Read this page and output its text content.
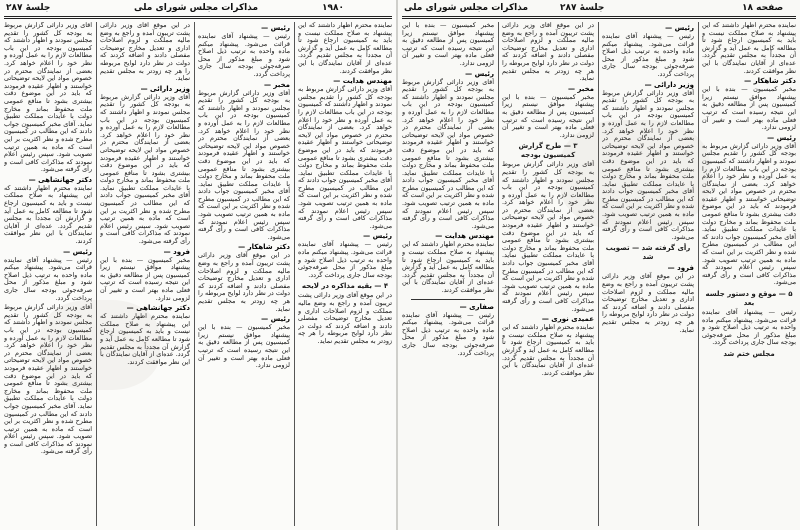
جلسهٔ ۲۸۷	مذاکرات مجلس شورای ملی	۱۹۸۰

آقای وزیر دارائی گزارش مربوط به بودجه کل کشور را تقدیم مجلس نمودند و اظهار داشتند که کمیسیون بودجه در این باب مطالعات لازم را به عمل آورده و نظر خود را اعلام خواهد کرد. بعضی از نمایندگان محترم در خصوص مواد این لایحه توضیحاتی خواستند و اظهار عقیده فرمودند که باید در این موضوع دقت بیشتری بشود تا منافع عمومی ملت محفوظ بماند و مخارج دولت با عایدات مملکت تطبیق نماید. آقای مخبر کمیسیون جواب دادند که این مطالب در کمیسیون مطرح شده و نظر اکثریت بر این است که ماده به همین ترتیب تصویب شود. سپس رئیس اعلام نمودند که مذاکرات کافی است و رأی گرفته می‌شود.

دکتر جهانشاهی —

نماینده محترم اظهار داشتند که این پیشنهاد به صلاح مملکت نیست و باید به کمیسیون ارجاع شود تا مطالعه کامل به عمل آید و گزارش آن مجدداً به مجلس تقدیم گردد. عده‌ای از آقایان نمایندگان با این نظر موافقت کردند.

رئیس —

رئیس — پیشنهاد آقای نماینده قرائت می‌شود. پیشنهاد میکنم ماده واحده به ترتیب ذیل اصلاح شود و مبلغ مذکور از محل صرفه‌جوئی بودجه سال جاری پرداخت گردد.

آقای وزیر دارائی گزارش مربوط به بودجه کل کشور را تقدیم مجلس نمودند و اظهار داشتند که کمیسیون بودجه در این باب مطالعات لازم را به عمل آورده و نظر خود را اعلام خواهد کرد. بعضی از نمایندگان محترم در خصوص مواد این لایحه توضیحاتی خواستند و اظهار عقیده فرمودند که باید در این موضوع دقت بیشتری بشود تا منافع عمومی ملت محفوظ بماند و مخارج دولت با عایدات مملکت تطبیق نماید. آقای مخبر کمیسیون جواب دادند که این مطالب در کمیسیون مطرح شده و نظر اکثریت بر این است که ماده به همین ترتیب تصویب شود. سپس رئیس اعلام نمودند که مذاکرات کافی است و رأی گرفته می‌شود.

در این موقع آقای وزیر دارائی پشت تریبون آمده و راجع به وضع مالیه مملکت و لزوم اصلاحات اداری و تعدیل مخارج توضیحات مفصلی دادند و اضافه کردند که دولت در نظر دارد لوایح مربوطه را هر چه زودتر به مجلس تقدیم نماید.

وزیر دارائی —

آقای وزیر دارائی گزارش مربوط به بودجه کل کشور را تقدیم مجلس نمودند و اظهار داشتند که کمیسیون بودجه در این باب مطالعات لازم را به عمل آورده و نظر خود را اعلام خواهد کرد. بعضی از نمایندگان محترم در خصوص مواد این لایحه توضیحاتی خواستند و اظهار عقیده فرمودند که باید در این موضوع دقت بیشتری بشود تا منافع عمومی ملت محفوظ بماند و مخارج دولت با عایدات مملکت تطبیق نماید. آقای مخبر کمیسیون جواب دادند که این مطالب در کمیسیون مطرح شده و نظر اکثریت بر این است که ماده به همین ترتیب تصویب شود. سپس رئیس اعلام نمودند که مذاکرات کافی است و رأی گرفته می‌شود.

فرود —

مخبر کمیسیون — بنده با این پیشنهاد موافق نیستم زیرا کمیسیون پس از مطالعه دقیق به این نتیجه رسیده است که ترتیب فعلی ماده بهتر است و تغییر آن لزومی ندارد.

دکتر جهانشاهی —

نماینده محترم اظهار داشتند که این پیشنهاد به صلاح مملکت نیست و باید به کمیسیون ارجاع شود تا مطالعه کامل به عمل آید و گزارش آن مجدداً به مجلس تقدیم گردد. عده‌ای از آقایان نمایندگان با این نظر موافقت کردند.

رئیس —

رئیس — پیشنهاد آقای نماینده قرائت می‌شود. پیشنهاد میکنم ماده واحده به ترتیب ذیل اصلاح شود و مبلغ مذکور از محل صرفه‌جوئی بودجه سال جاری پرداخت گردد.

مخبر —

آقای وزیر دارائی گزارش مربوط به بودجه کل کشور را تقدیم مجلس نمودند و اظهار داشتند که کمیسیون بودجه در این باب مطالعات لازم را به عمل آورده و نظر خود را اعلام خواهد کرد. بعضی از نمایندگان محترم در خصوص مواد این لایحه توضیحاتی خواستند و اظهار عقیده فرمودند که باید در این موضوع دقت بیشتری بشود تا منافع عمومی ملت محفوظ بماند و مخارج دولت با عایدات مملکت تطبیق نماید. آقای مخبر کمیسیون جواب دادند که این مطالب در کمیسیون مطرح شده و نظر اکثریت بر این است که ماده به همین ترتیب تصویب شود. سپس رئیس اعلام نمودند که مذاکرات کافی است و رأی گرفته می‌شود.

دکتر شاهکار —

در این موقع آقای وزیر دارائی پشت تریبون آمده و راجع به وضع مالیه مملکت و لزوم اصلاحات اداری و تعدیل مخارج توضیحات مفصلی دادند و اضافه کردند که دولت در نظر دارد لوایح مربوطه را هر چه زودتر به مجلس تقدیم نماید.

رئیس —

مخبر کمیسیون — بنده با این پیشنهاد موافق نیستم زیرا کمیسیون پس از مطالعه دقیق به این نتیجه رسیده است که ترتیب فعلی ماده بهتر است و تغییر آن لزومی ندارد.

نماینده محترم اظهار داشتند که این پیشنهاد به صلاح مملکت نیست و باید به کمیسیون ارجاع شود تا مطالعه کامل به عمل آید و گزارش آن مجدداً به مجلس تقدیم گردد. عده‌ای از آقایان نمایندگان با این نظر موافقت کردند.

مهندس هدایت —

آقای وزیر دارائی گزارش مربوط به بودجه کل کشور را تقدیم مجلس نمودند و اظهار داشتند که کمیسیون بودجه در این باب مطالعات لازم را به عمل آورده و نظر خود را اعلام خواهد کرد. بعضی از نمایندگان محترم در خصوص مواد این لایحه توضیحاتی خواستند و اظهار عقیده فرمودند که باید در این موضوع دقت بیشتری بشود تا منافع عمومی ملت محفوظ بماند و مخارج دولت با عایدات مملکت تطبیق نماید. آقای مخبر کمیسیون جواب دادند که این مطالب در کمیسیون مطرح شده و نظر اکثریت بر این است که ماده به همین ترتیب تصویب شود. سپس رئیس اعلام نمودند که مذاکرات کافی است و رأی گرفته می‌شود.

رئیس —

رئیس — پیشنهاد آقای نماینده قرائت می‌شود. پیشنهاد میکنم ماده واحده به ترتیب ذیل اصلاح شود و مبلغ مذکور از محل صرفه‌جوئی بودجه سال جاری پرداخت گردد.

۴ — بقیه مذاکره در لایحه

در این موقع آقای وزیر دارائی پشت تریبون آمده و راجع به وضع مالیه مملکت و لزوم اصلاحات اداری و تعدیل مخارج توضیحات مفصلی دادند و اضافه کردند که دولت در نظر دارد لوایح مربوطه را هر چه زودتر به مجلس تقدیم نماید.

مذاکرات مجلس شورای ملی	جلسهٔ ۲۸۷	صفحه ۱۸

مخبر کمیسیون — بنده با این پیشنهاد موافق نیستم زیرا کمیسیون پس از مطالعه دقیق به این نتیجه رسیده است که ترتیب فعلی ماده بهتر است و تغییر آن لزومی ندارد.

رئیس —

آقای وزیر دارائی گزارش مربوط به بودجه کل کشور را تقدیم مجلس نمودند و اظهار داشتند که کمیسیون بودجه در این باب مطالعات لازم را به عمل آورده و نظر خود را اعلام خواهد کرد. بعضی از نمایندگان محترم در خصوص مواد این لایحه توضیحاتی خواستند و اظهار عقیده فرمودند که باید در این موضوع دقت بیشتری بشود تا منافع عمومی ملت محفوظ بماند و مخارج دولت با عایدات مملکت تطبیق نماید. آقای مخبر کمیسیون جواب دادند که این مطالب در کمیسیون مطرح شده و نظر اکثریت بر این است که ماده به همین ترتیب تصویب شود. سپس رئیس اعلام نمودند که مذاکرات کافی است و رأی گرفته می‌شود.

مهندس هدایت —

نماینده محترم اظهار داشتند که این پیشنهاد به صلاح مملکت نیست و باید به کمیسیون ارجاع شود تا مطالعه کامل به عمل آید و گزارش آن مجدداً به مجلس تقدیم گردد. عده‌ای از آقایان نمایندگان با این نظر موافقت کردند.

صفاری —

رئیس — پیشنهاد آقای نماینده قرائت می‌شود. پیشنهاد میکنم ماده واحده به ترتیب ذیل اصلاح شود و مبلغ مذکور از محل صرفه‌جوئی بودجه سال جاری پرداخت گردد.

در این موقع آقای وزیر دارائی پشت تریبون آمده و راجع به وضع مالیه مملکت و لزوم اصلاحات اداری و تعدیل مخارج توضیحات مفصلی دادند و اضافه کردند که دولت در نظر دارد لوایح مربوطه را هر چه زودتر به مجلس تقدیم نماید.

مخبر —

مخبر کمیسیون — بنده با این پیشنهاد موافق نیستم زیرا کمیسیون پس از مطالعه دقیق به این نتیجه رسیده است که ترتیب فعلی ماده بهتر است و تغییر آن لزومی ندارد.

۳ — طرح گزارش کمیسیون بودجه

آقای وزیر دارائی گزارش مربوط به بودجه کل کشور را تقدیم مجلس نمودند و اظهار داشتند که کمیسیون بودجه در این باب مطالعات لازم را به عمل آورده و نظر خود را اعلام خواهد کرد. بعضی از نمایندگان محترم در خصوص مواد این لایحه توضیحاتی خواستند و اظهار عقیده فرمودند که باید در این موضوع دقت بیشتری بشود تا منافع عمومی ملت محفوظ بماند و مخارج دولت با عایدات مملکت تطبیق نماید. آقای مخبر کمیسیون جواب دادند که این مطالب در کمیسیون مطرح شده و نظر اکثریت بر این است که ماده به همین ترتیب تصویب شود. سپس رئیس اعلام نمودند که مذاکرات کافی است و رأی گرفته می‌شود.

عمیدی نوری —

نماینده محترم اظهار داشتند که این پیشنهاد به صلاح مملکت نیست و باید به کمیسیون ارجاع شود تا مطالعه کامل به عمل آید و گزارش آن مجدداً به مجلس تقدیم گردد. عده‌ای از آقایان نمایندگان با این نظر موافقت کردند.

رئیس —

رئیس — پیشنهاد آقای نماینده قرائت می‌شود. پیشنهاد میکنم ماده واحده به ترتیب ذیل اصلاح شود و مبلغ مذکور از محل صرفه‌جوئی بودجه سال جاری پرداخت گردد.

وزیر دارائی —

آقای وزیر دارائی گزارش مربوط به بودجه کل کشور را تقدیم مجلس نمودند و اظهار داشتند که کمیسیون بودجه در این باب مطالعات لازم را به عمل آورده و نظر خود را اعلام خواهد کرد. بعضی از نمایندگان محترم در خصوص مواد این لایحه توضیحاتی خواستند و اظهار عقیده فرمودند که باید در این موضوع دقت بیشتری بشود تا منافع عمومی ملت محفوظ بماند و مخارج دولت با عایدات مملکت تطبیق نماید. آقای مخبر کمیسیون جواب دادند که این مطالب در کمیسیون مطرح شده و نظر اکثریت بر این است که ماده به همین ترتیب تصویب شود. سپس رئیس اعلام نمودند که مذاکرات کافی است و رأی گرفته می‌شود.

رأی گرفته شد — تصویب شد
فرود —

در این موقع آقای وزیر دارائی پشت تریبون آمده و راجع به وضع مالیه مملکت و لزوم اصلاحات اداری و تعدیل مخارج توضیحات مفصلی دادند و اضافه کردند که دولت در نظر دارد لوایح مربوطه را هر چه زودتر به مجلس تقدیم نماید.

نماینده محترم اظهار داشتند که این پیشنهاد به صلاح مملکت نیست و باید به کمیسیون ارجاع شود تا مطالعه کامل به عمل آید و گزارش آن مجدداً به مجلس تقدیم گردد. عده‌ای از آقایان نمایندگان با این نظر موافقت کردند.

دکتر شاهکار —

مخبر کمیسیون — بنده با این پیشنهاد موافق نیستم زیرا کمیسیون پس از مطالعه دقیق به این نتیجه رسیده است که ترتیب فعلی ماده بهتر است و تغییر آن لزومی ندارد.

رئیس —

آقای وزیر دارائی گزارش مربوط به بودجه کل کشور را تقدیم مجلس نمودند و اظهار داشتند که کمیسیون بودجه در این باب مطالعات لازم را به عمل آورده و نظر خود را اعلام خواهد کرد. بعضی از نمایندگان محترم در خصوص مواد این لایحه توضیحاتی خواستند و اظهار عقیده فرمودند که باید در این موضوع دقت بیشتری بشود تا منافع عمومی ملت محفوظ بماند و مخارج دولت با عایدات مملکت تطبیق نماید. آقای مخبر کمیسیون جواب دادند که این مطالب در کمیسیون مطرح شده و نظر اکثریت بر این است که ماده به همین ترتیب تصویب شود. سپس رئیس اعلام نمودند که مذاکرات کافی است و رأی گرفته می‌شود.

۵ — موقع و دستور جلسه بعد

رئیس — پیشنهاد آقای نماینده قرائت می‌شود. پیشنهاد میکنم ماده واحده به ترتیب ذیل اصلاح شود و مبلغ مذکور از محل صرفه‌جوئی بودجه سال جاری پرداخت گردد.

مجلس ختم شد
